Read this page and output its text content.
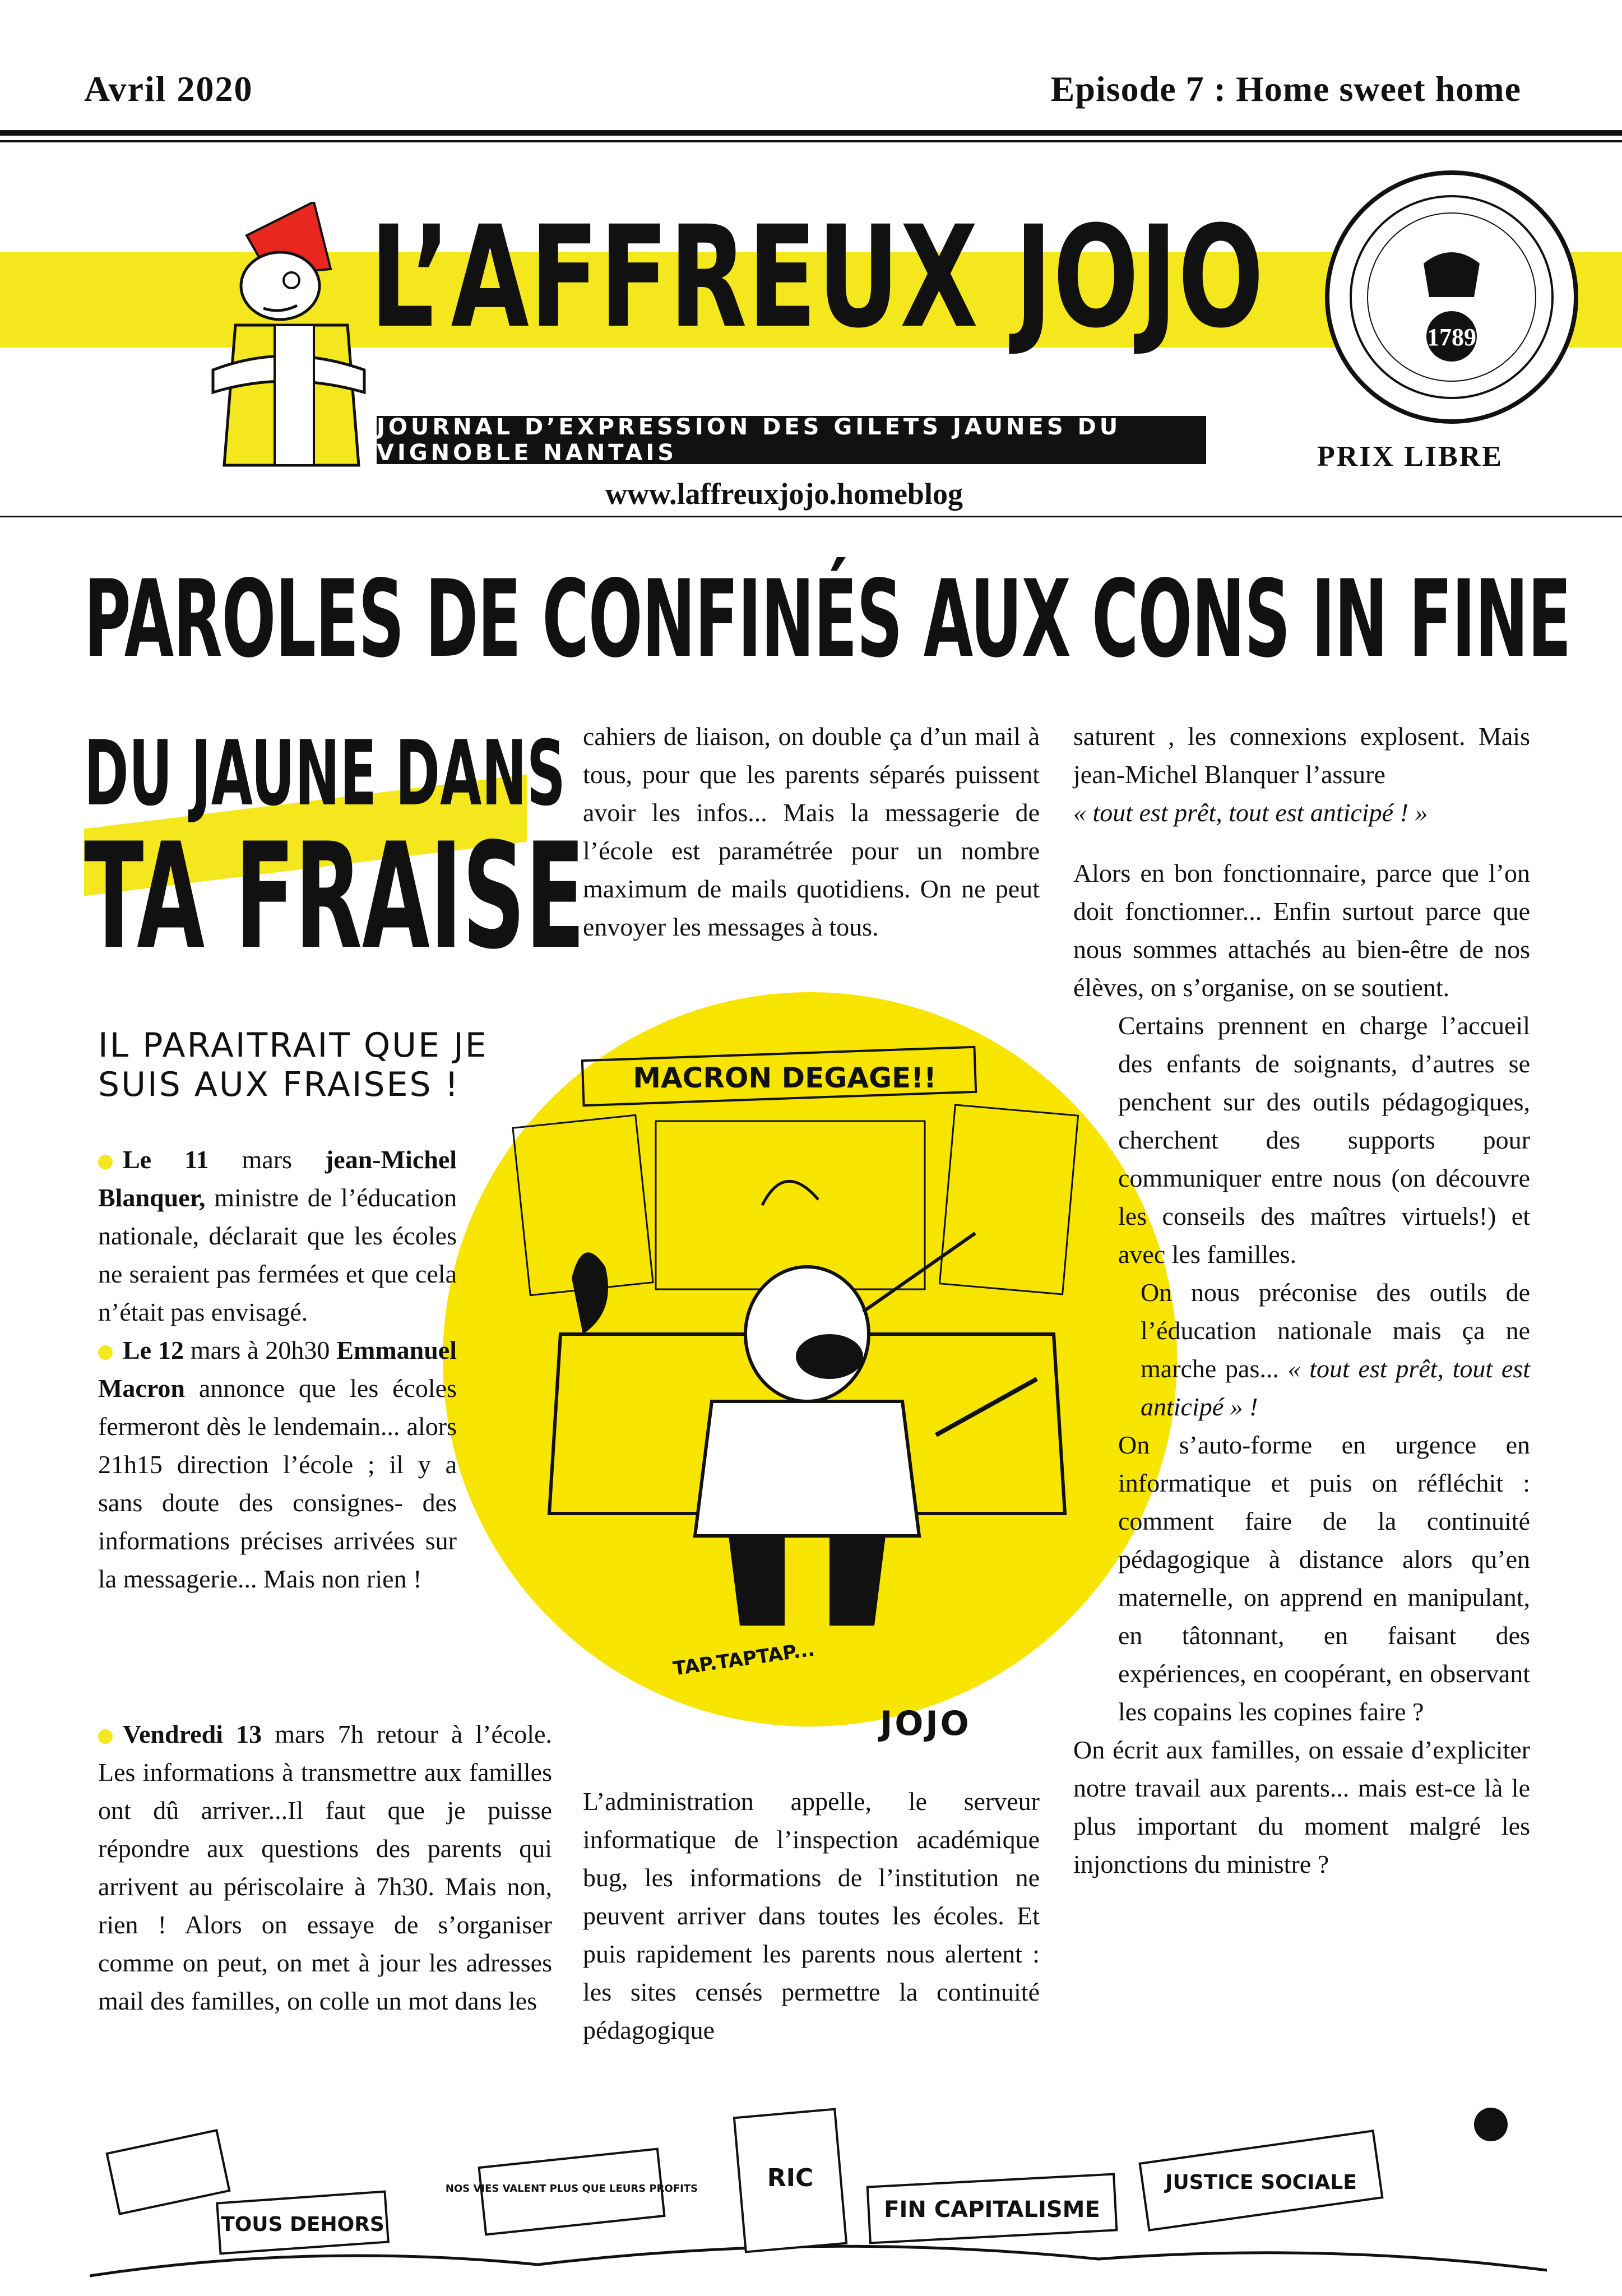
Avril 2020	Episode 7 : Home sweet home
L’AFFREUX JOJO
JOURNAL D’EXPRESSION DES GILETS JAUNES DU VIGNOBLE NANTAIS
www.laffreuxjojo.homeblog
1789
PRIX LIBRE
PAROLES DE CONFINÉS AUX CONS IN FINE
DU JAUNE DANS
TA FRAISE
MACRON DEGAGE!!
TAP.TAPTAP...
JOJO
IL PARAITRAIT QUE JE SUIS AUX FRAISES !

Le 11 mars jean-Michel Blanquer, ministre de l’éducation nationale, déclarait que les écoles ne seraient pas fermées et que cela n’était pas envisagé.

Le 12 mars à 20h30 Emmanuel Macron annonce que les écoles fermeront dès le lendemain... alors 21h15 direction l’école ; il y a sans doute des consignes- des informations précises arrivées sur la messagerie... Mais non rien !

Vendredi 13 mars 7h retour à l’école. Les informations à transmettre aux familles ont dû arriver...Il faut que je puisse répondre aux questions des parents qui arrivent au périscolaire à 7h30. Mais non, rien ! Alors on essaye de s’organiser comme on peut, on met à jour les adresses mail des familles, on colle un mot dans les

cahiers de liaison, on double ça d’un mail à tous, pour que les parents séparés puissent avoir les infos... Mais la messagerie de l’école est paramétrée pour un nombre maximum de mails quotidiens. On ne peut envoyer les messages à tous.

L’administration appelle, le serveur informatique de l’inspection académique bug, les informations de l’institution ne peuvent arriver dans toutes les écoles. Et puis rapidement les parents nous alertent : les sites censés permettre la continuité pédagogique

saturent , les connexions explosent. Mais jean-Michel Blanquer l’assure
« tout est prêt, tout est anticipé ! »

Alors en bon fonctionnaire, parce que l’on doit fonctionner... Enfin surtout parce que nous sommes attachés au bien-être de nos élèves, on s’organise, on se soutient.

Certains prennent en charge l’accueil des enfants de soignants, d’autres se penchent sur des outils pédagogiques, cherchent des supports pour communiquer entre nous (on découvre les conseils des maîtres virtuels!) et avec les familles.

On nous préconise des outils de l’éducation nationale mais ça ne marche pas... « tout est prêt, tout est anticipé » !

On s’auto-forme en urgence en informatique et puis on réfléchit : comment faire de la continuité pédagogique à distance alors qu’en maternelle, on apprend en manipulant, en tâtonnant, en faisant des expériences, en coopérant, en observant les copains les copines faire ?

On écrit aux familles, on essaie d’expliciter notre travail aux parents... mais est-ce là le plus important du moment malgré les injonctions du ministre ?

TOUS DEHORS
NOS VIES VALENT PLUS QUE LEURS PROFITS	RIC
FIN CAPITALISME
JUSTICE SOCIALE
